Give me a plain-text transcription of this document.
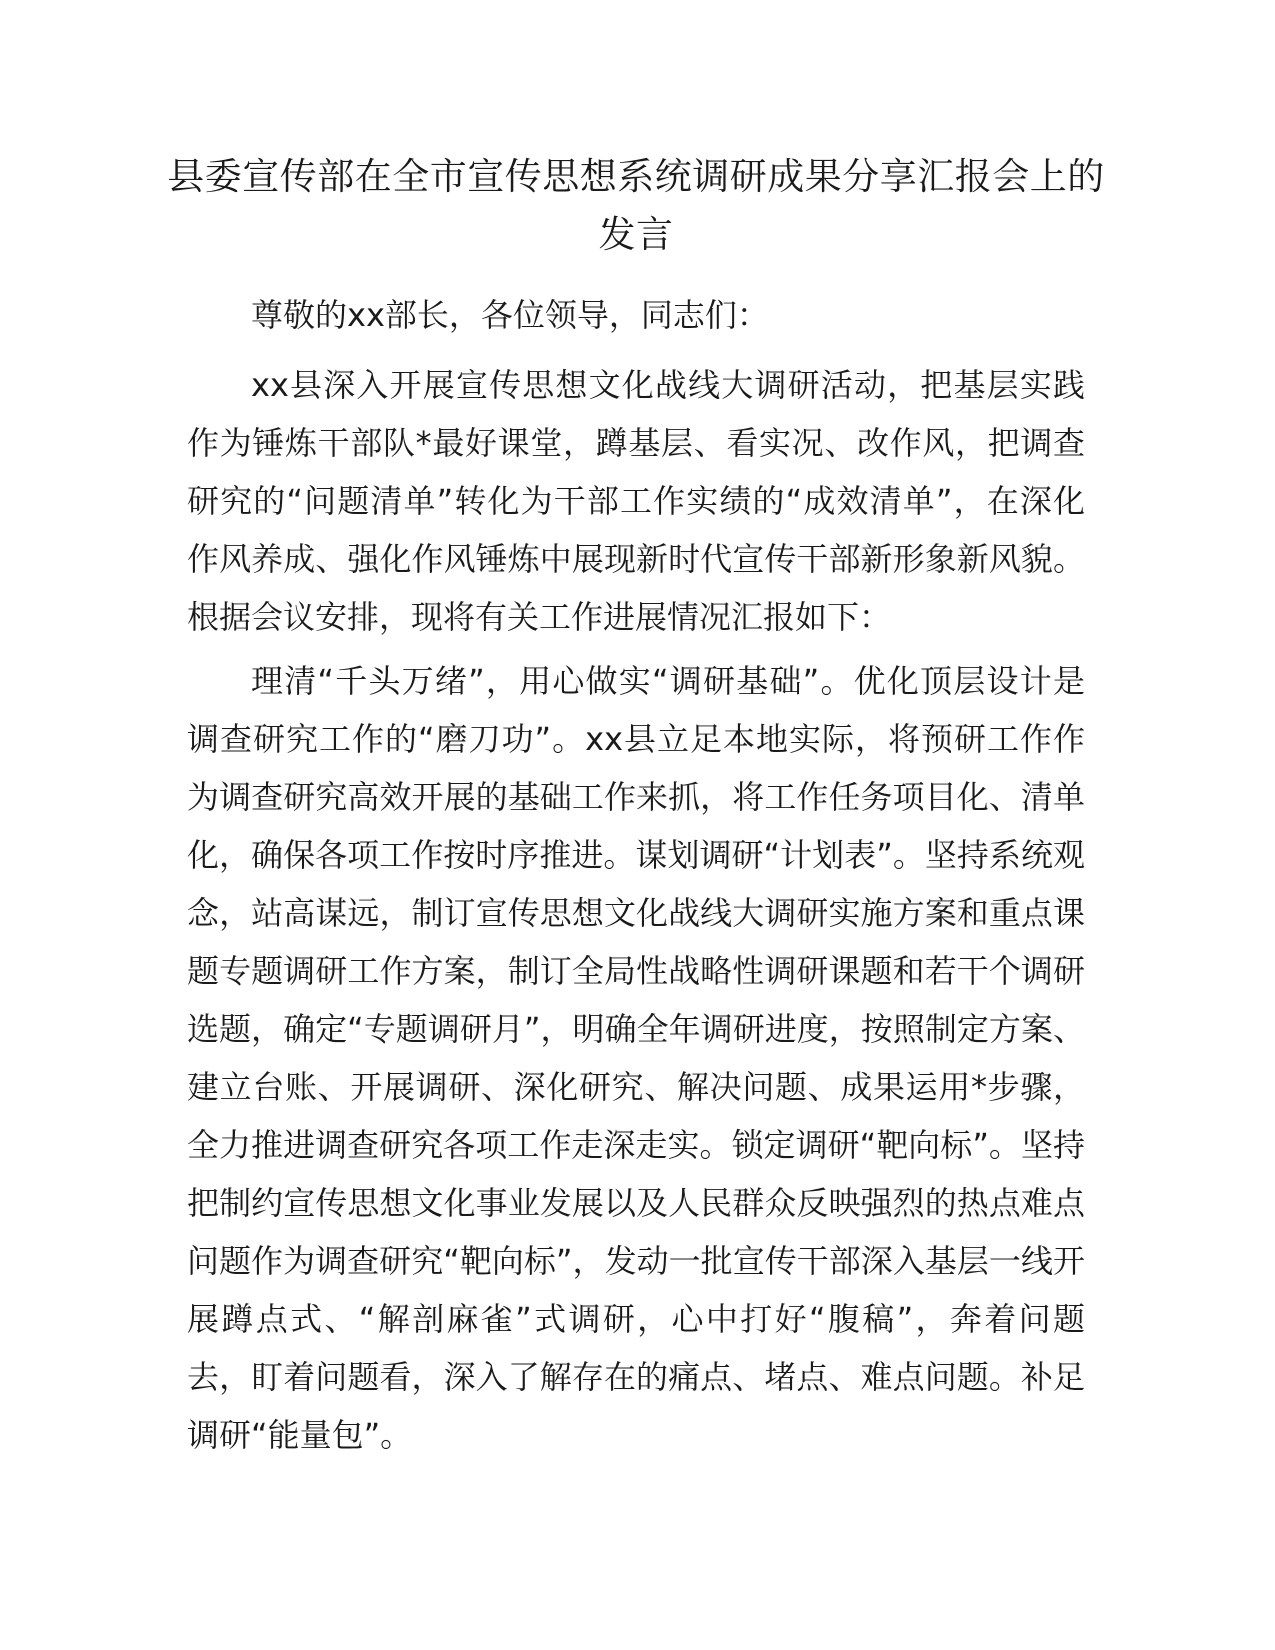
县委宣传部在全市宣传思想系统调研成果分享汇报会上的发言

尊敬的xx部长，各位领导，同志们：

xx县深入开展宣传思想文化战线大调研活动，把基层实践作为锤炼干部队*最好课堂，蹲基层、看实况、改作风，把调查研究的“问题清单”转化为干部工作实绩的“成效清单”，在深化作风养成、强化作风锤炼中展现新时代宣传干部新形象新风貌。根据会议安排，现将有关工作进展情况汇报如下：

理清“千头万绪”，用心做实“调研基础”。优化顶层设计是调查研究工作的“磨刀功”。xx县立足本地实际，将预研工作作为调查研究高效开展的基础工作来抓，将工作任务项目化、清单化，确保各项工作按时序推进。谋划调研“计划表”。坚持系统观念，站高谋远，制订宣传思想文化战线大调研实施方案和重点课题专题调研工作方案，制订全局性战略性调研课题和若干个调研选题，确定“专题调研月”，明确全年调研进度，按照制定方案、建立台账、开展调研、深化研究、解决问题、成果运用*步骤，全力推进调查研究各项工作走深走实。锁定调研“靶向标”。坚持把制约宣传思想文化事业发展以及人民群众反映强烈的热点难点问题作为调查研究“靶向标”，发动一批宣传干部深入基层一线开展蹲点式、“解剖麻雀”式调研，心中打好“腹稿”，奔着问题去，盯着问题看，深入了解存在的痛点、堵点、难点问题。补足调研“能量包”。
